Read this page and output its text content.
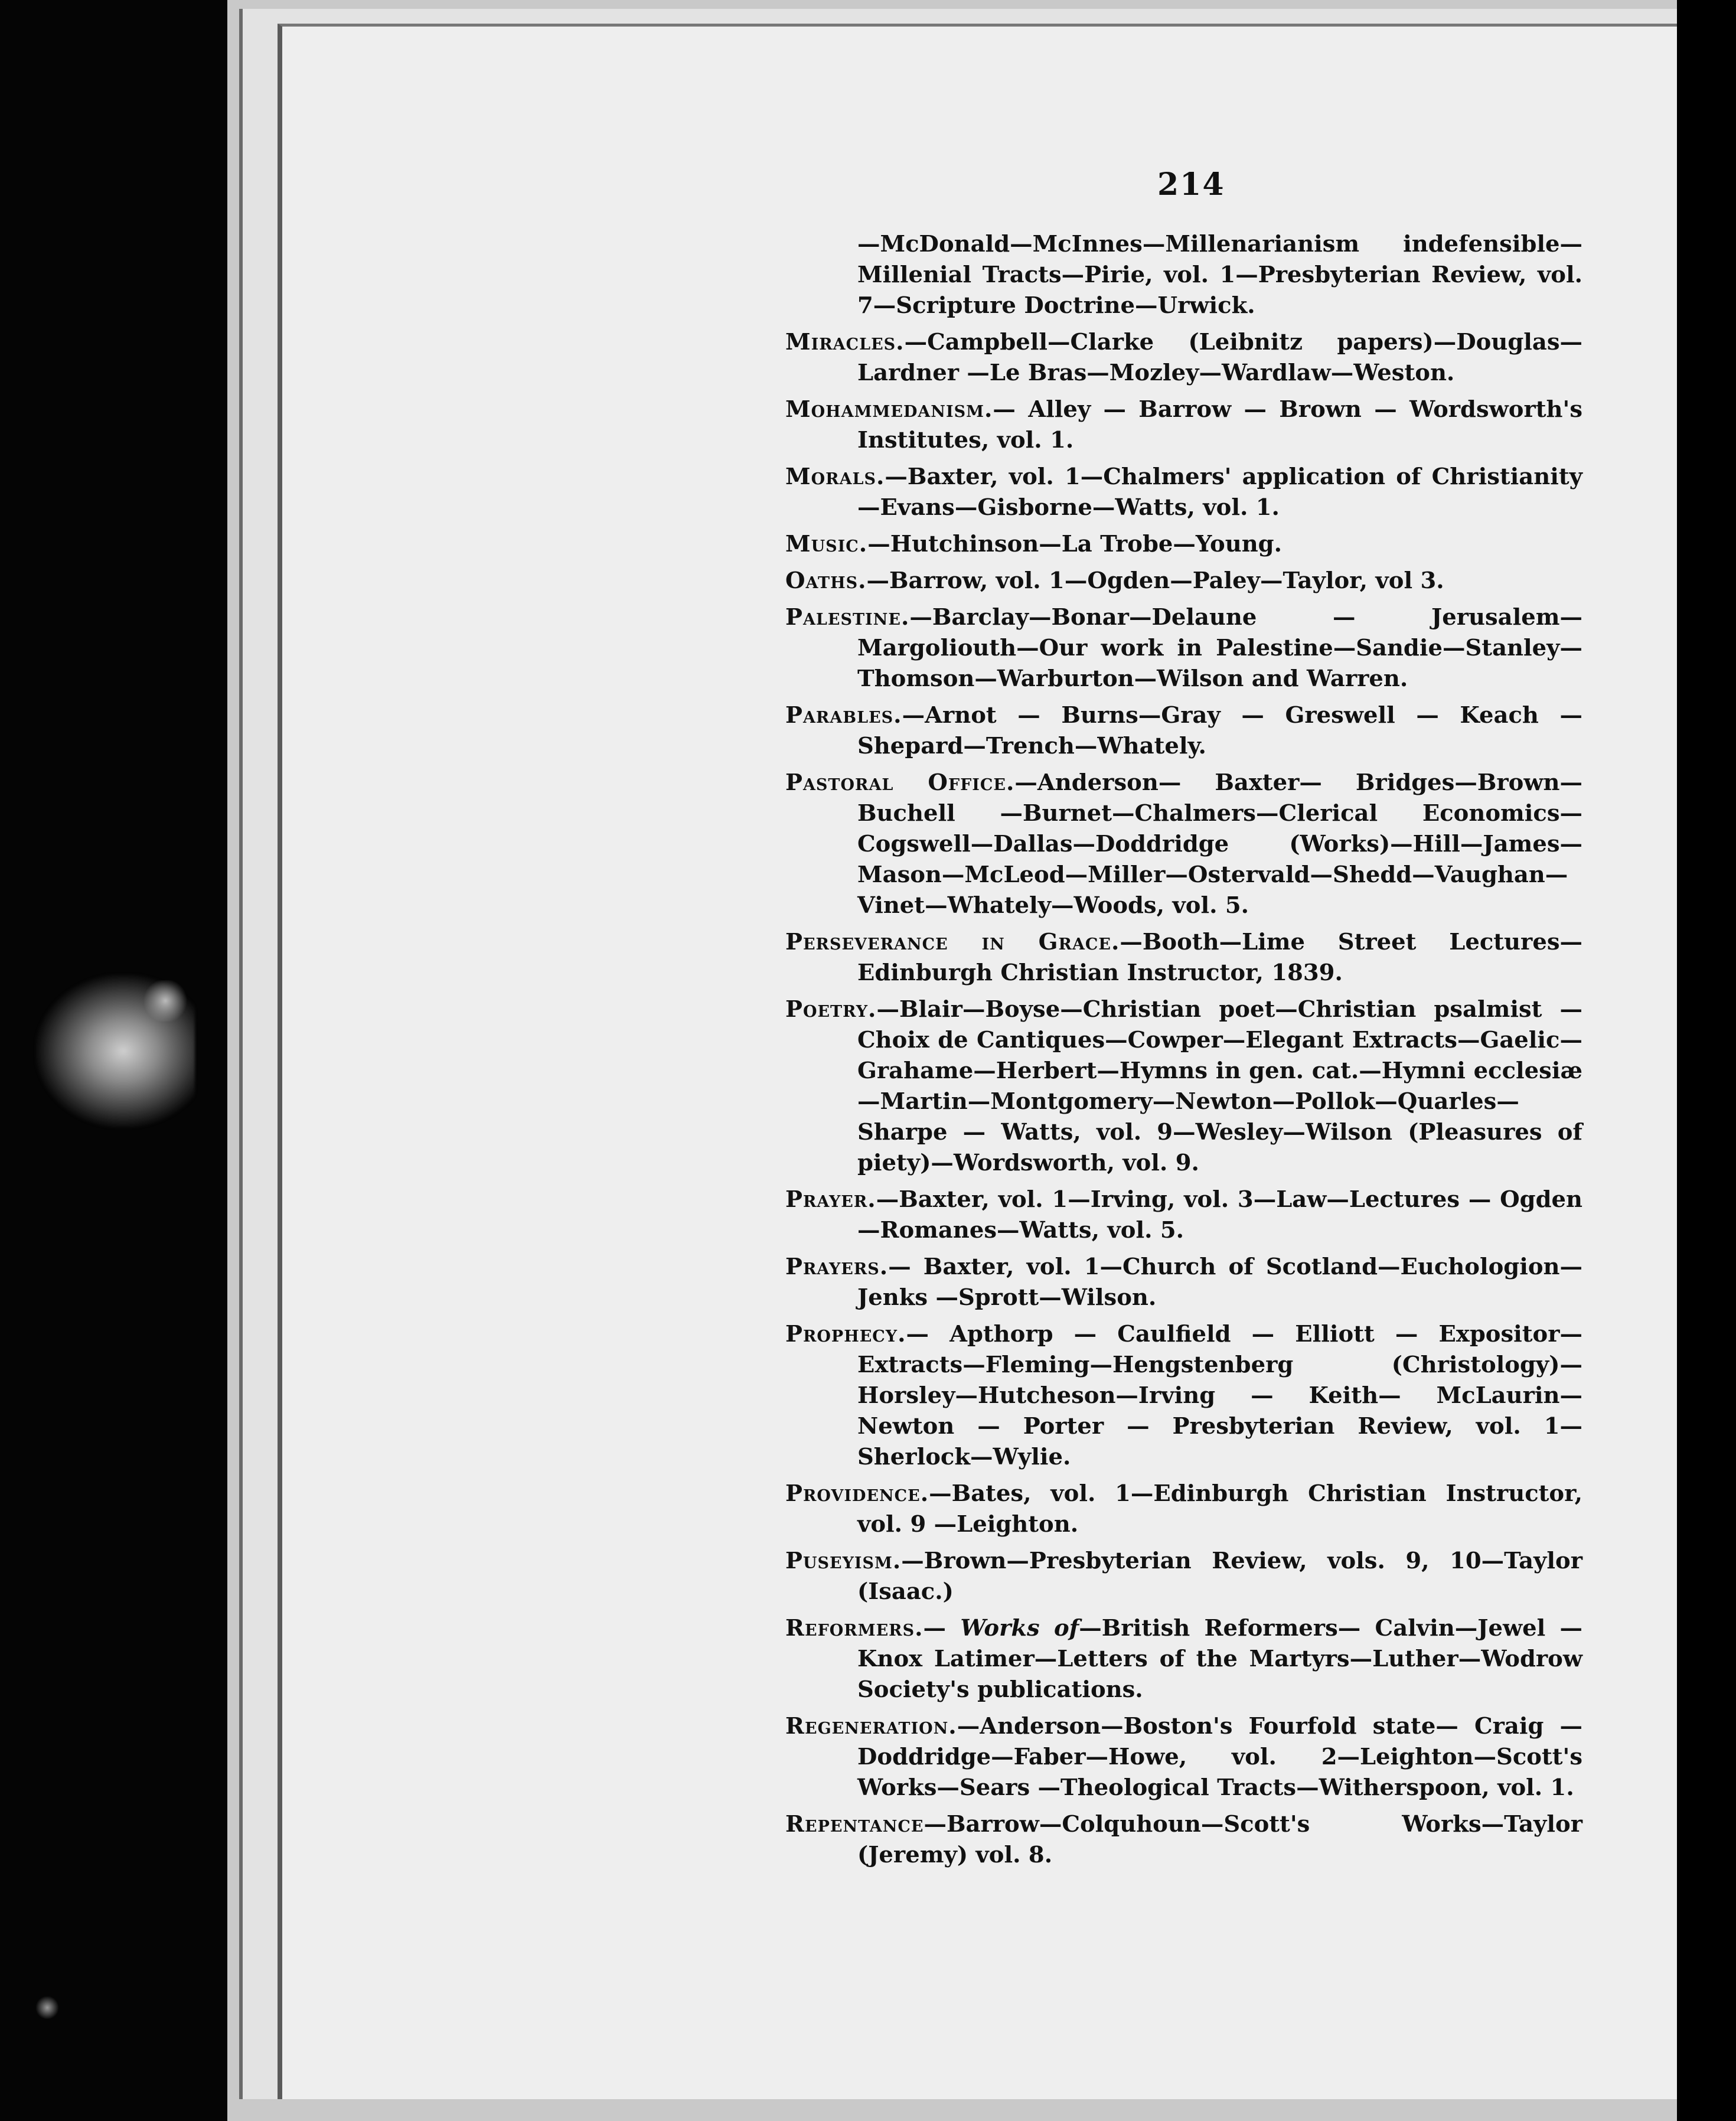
214
—McDonald—McInnes—Millenarianism indefensible—Millenial Tracts—Pirie, vol. 1—Presbyterian Review, vol. 7—Scripture Doctrine—Urwick.
Miracles.—Campbell—Clarke (Leibnitz papers)—Douglas—Lardner —Le Bras—Mozley—Wardlaw—Weston.
Mohammedanism.— Alley — Barrow — Brown — Wordsworth's Institutes, vol. 1.
Morals.—Baxter, vol. 1—Chalmers' application of Christianity—Evans—Gisborne—Watts, vol. 1.
Music.—Hutchinson—La Trobe—Young.
Oaths.—Barrow, vol. 1—Ogden—Paley—Taylor, vol 3.
Palestine.—Barclay—Bonar—Delaune — Jerusalem—Margoliouth—Our work in Palestine—Sandie—Stanley—Thomson—Warburton—Wilson and Warren.
Parables.—Arnot — Burns—Gray — Greswell — Keach — Shepard—Trench—Whately.
Pastoral Office.—Anderson— Baxter— Bridges—Brown— Buchell —Burnet—Chalmers—Clerical Economics—Cogswell—Dallas—Doddridge (Works)—Hill—James—Mason—McLeod—Miller—Ostervald—Shedd—Vaughan—Vinet—Whately—Woods, vol. 5.
Perseverance in Grace.—Booth—Lime Street Lectures—Edinburgh Christian Instructor, 1839.
Poetry.—Blair—Boyse—Christian poet—Christian psalmist — Choix de Cantiques—Cowper—Elegant Extracts—Gaelic—Grahame—Herbert—Hymns in gen. cat.—Hymni ecclesiæ—Martin—Montgomery—Newton—Pollok—Quarles—Sharpe — Watts, vol. 9—Wesley—Wilson (Pleasures of piety)—Wordsworth, vol. 9.
Prayer.—Baxter, vol. 1—Irving, vol. 3—Law—Lectures — Ogden—Romanes—Watts, vol. 5.
Prayers.— Baxter, vol. 1—Church of Scotland—Euchologion—Jenks —Sprott—Wilson.
Prophecy.— Apthorp — Caulfield — Elliott — Expositor— Extracts—Fleming—Hengstenberg (Christology)—Horsley—Hutcheson—Irving — Keith— McLaurin— Newton — Porter — Presbyterian Review, vol. 1—Sherlock—Wylie.
Providence.—Bates, vol. 1—Edinburgh Christian Instructor, vol. 9 —Leighton.
Puseyism.—Brown—Presbyterian Review, vols. 9, 10—Taylor (Isaac.)
Reformers.— Works of—British Reformers— Calvin—Jewel —Knox Latimer—Letters of the Martyrs—Luther—Wodrow Society's publications.
Regeneration.—Anderson—Boston's Fourfold state— Craig — Doddridge—Faber—Howe, vol. 2—Leighton—Scott's Works—Sears —Theological Tracts—Witherspoon, vol. 1.
Repentance—Barrow—Colquhoun—Scott's Works—Taylor (Jeremy) vol. 8.
